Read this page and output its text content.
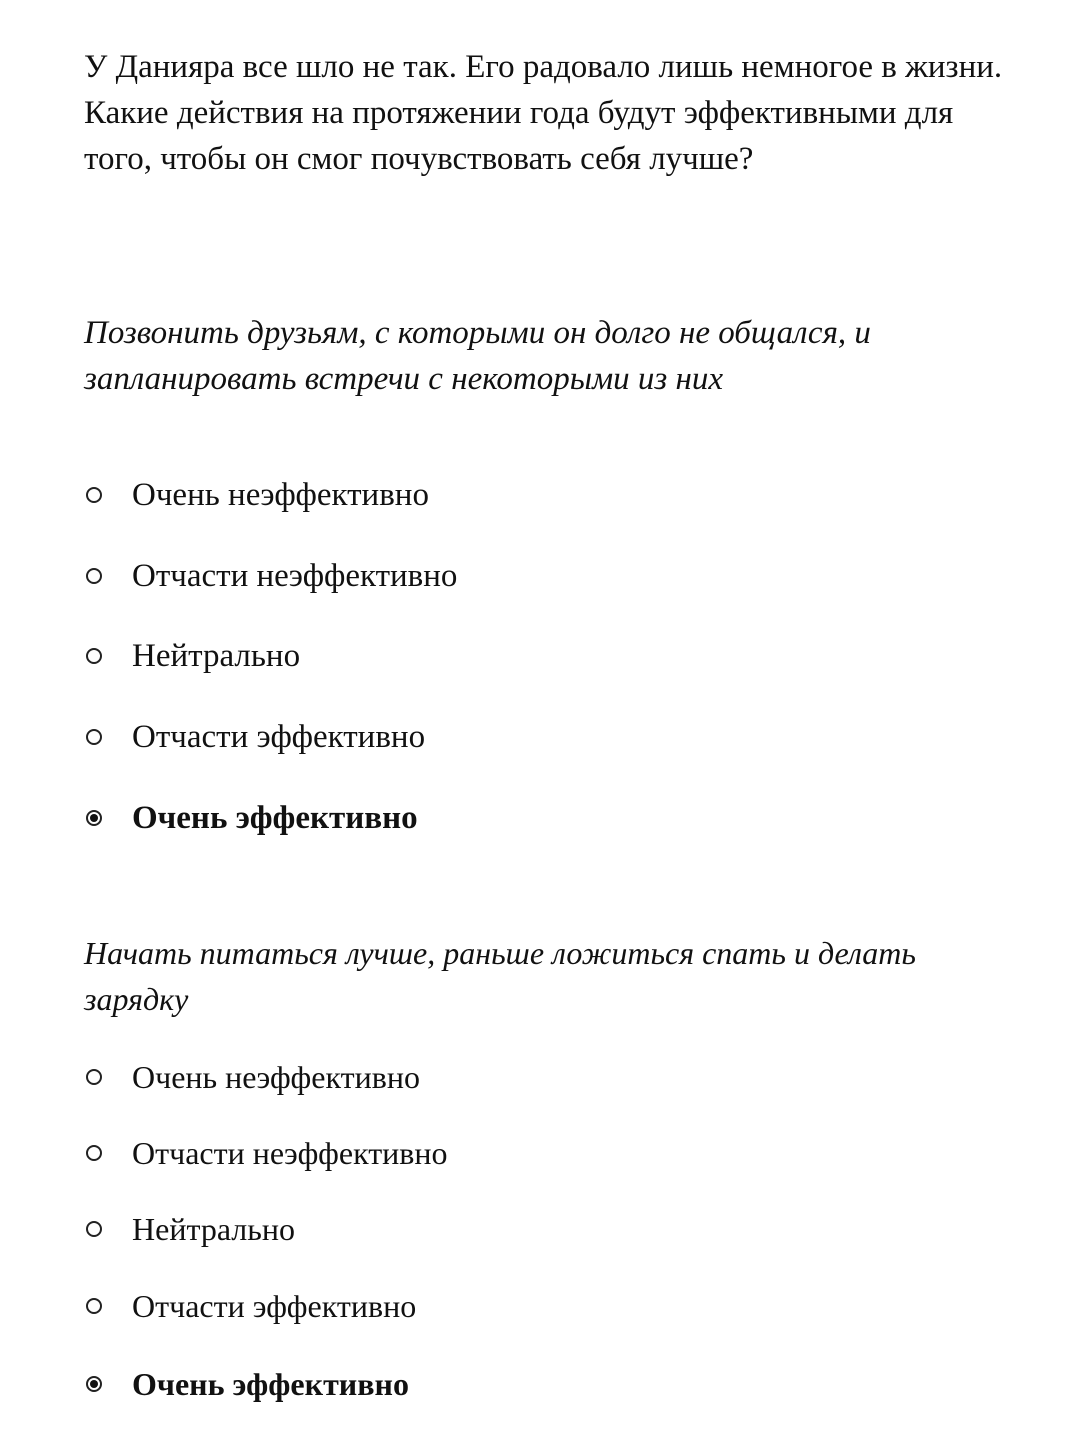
У Данияра все шло не так. Его радовало лишь немногое в жизни. Какие действия на протяжении года будут эффективными для того, чтобы он смог почувствовать себя лучше?

Позвонить друзьям, с которыми он долго не общался, и запланировать встречи с некоторыми из них

Очень неэффективно
Отчасти неэффективно
Нейтрально
Отчасти эффективно
Очень эффективно

Начать питаться лучше, раньше ложиться спать и делать зарядку

Очень неэффективно
Отчасти неэффективно
Нейтрально
Отчасти эффективно
Очень эффективно
